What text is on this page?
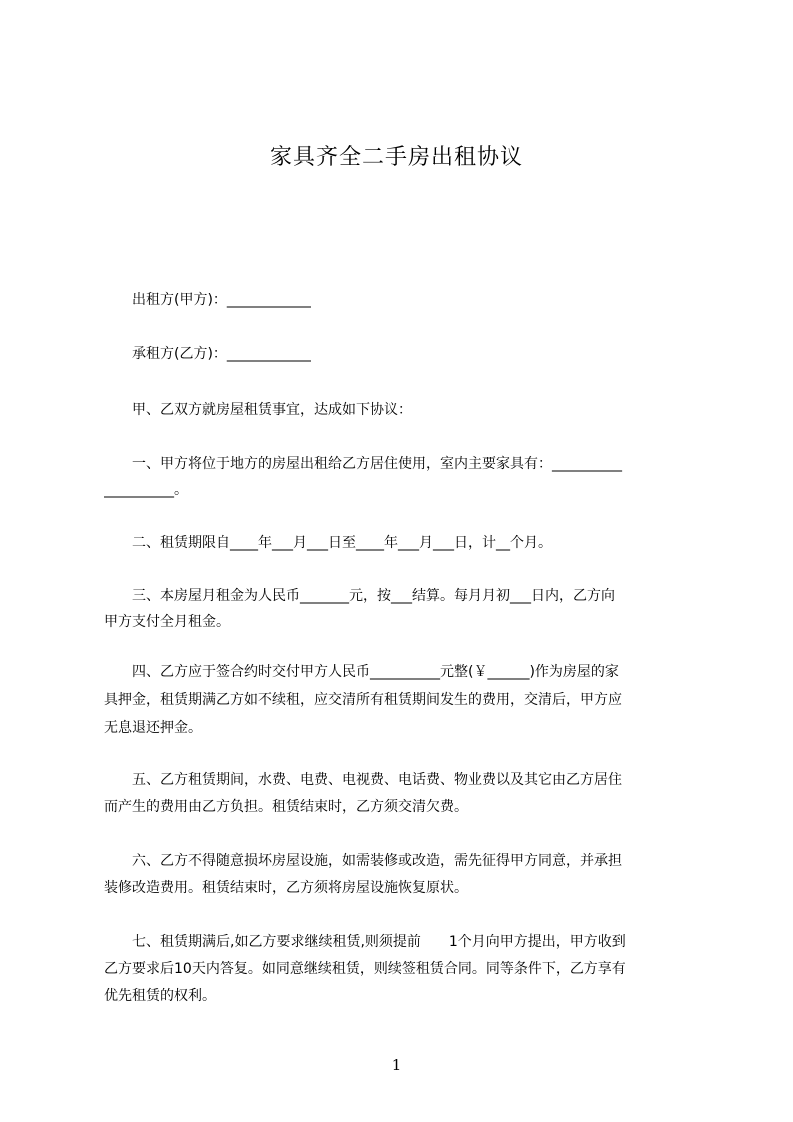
家具齐全二手房出租协议
　　出租方(甲方)：____________
　　承租方(乙方)：____________
　　甲、乙双方就房屋租赁事宜，达成如下协议：
　　一、甲方将位于地方的房屋出租给乙方居住使用，室内主要家具有：__________
__________。
　　二、租赁期限自____年___月___日至____年___月___日，计__个月。
　　三、本房屋月租金为人民币_______元，按___结算。每月月初___日内，乙方向
甲方支付全月租金。
　　四、乙方应于签合约时交付甲方人民币__________元整(￥______)作为房屋的家
具押金，租赁期满乙方如不续租，应交清所有租赁期间发生的费用，交清后，甲方应
无息退还押金。
　　五、乙方租赁期间，水费、电费、电视费、电话费、物业费以及其它由乙方居住
而产生的费用由乙方负担。租赁结束时，乙方须交清欠费。
　　六、乙方不得随意损坏房屋设施，如需装修或改造，需先征得甲方同意，并承担
装修改造费用。租赁结束时，乙方须将房屋设施恢复原状。
　　七、租赁期满后,如乙方要求继续租赁,则须提前　　1个月向甲方提出，甲方收到
乙方要求后10天内答复。如同意继续租赁，则续签租赁合同。同等条件下，乙方享有
优先租赁的权利。
1
